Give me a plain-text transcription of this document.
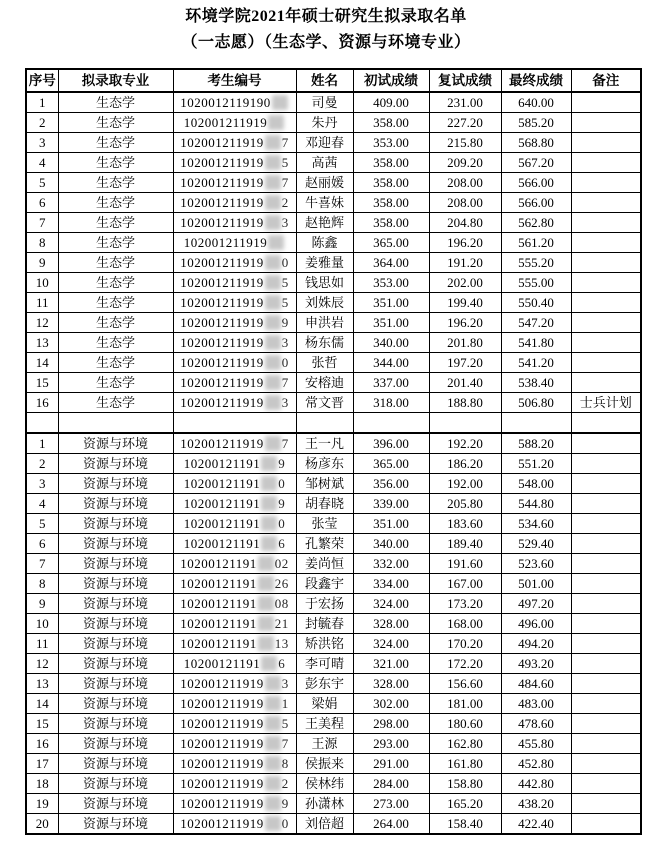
环境学院2021年硕士研究生拟录取名单
（一志愿）（生态学、资源与环境专业）
序号	拟录取专业	考生编号	姓名	初试成绩	复试成绩	最终成绩	备注
1	生态学	1020012119190	司曼	409.00	231.00	640.00	
2	生态学	102001211919	朱丹	358.00	227.20	585.20	
3	生态学	102001211919 7	邓迎春	353.00	215.80	568.80	
4	生态学	102001211919 5	高茜	358.00	209.20	567.20	
5	生态学	102001211919 7	赵丽媛	358.00	208.00	566.00	
6	生态学	102001211919 2	牛喜妹	358.00	208.00	566.00	
7	生态学	102001211919 3	赵艳辉	358.00	204.80	562.80	
8	生态学	102001211919	陈鑫	365.00	196.20	561.20	
9	生态学	102001211919 0	姜雅量	364.00	191.20	555.20	
10	生态学	102001211919 5	钱思如	353.00	202.00	555.00	
11	生态学	102001211919 5	刘姝辰	351.00	199.40	550.40	
12	生态学	102001211919 9	申洪岩	351.00	196.20	547.20	
13	生态学	102001211919 3	杨东儒	340.00	201.80	541.80	
14	生态学	102001211919 0	张哲	344.00	197.20	541.20	
15	生态学	102001211919 7	安榕迪	337.00	201.40	538.40	
16	生态学	102001211919 3	常文晋	318.00	188.80	506.80	士兵计划

1	资源与环境	102001211919 7	王一凡	396.00	192.20	588.20	
2	资源与环境	10200121191 9	杨彦东	365.00	186.20	551.20	
3	资源与环境	10200121191 0	邹树斌	356.00	192.00	548.00	
4	资源与环境	10200121191 9	胡春晓	339.00	205.80	544.80	
5	资源与环境	10200121191 0	张莹	351.00	183.60	534.60	
6	资源与环境	10200121191 6	孔繁荣	340.00	189.40	529.40	
7	资源与环境	10200121191 02	姜尚恒	332.00	191.60	523.60	
8	资源与环境	10200121191 26	段鑫宇	334.00	167.00	501.00	
9	资源与环境	10200121191 08	于宏扬	324.00	173.20	497.20	
10	资源与环境	10200121191 21	封毓春	328.00	168.00	496.00	
11	资源与环境	10200121191 13	矫洪铭	324.00	170.20	494.20	
12	资源与环境	10200121191 6	李可晴	321.00	172.20	493.20	
13	资源与环境	102001211919 3	彭东宇	328.00	156.60	484.60	
14	资源与环境	102001211919 1	梁娟	302.00	181.00	483.00	
15	资源与环境	102001211919 5	王美程	298.00	180.60	478.60	
16	资源与环境	102001211919 7	王源	293.00	162.80	455.80	
17	资源与环境	102001211919 8	侯振来	291.00	161.80	452.80	
18	资源与环境	102001211919 2	侯林纬	284.00	158.80	442.80	
19	资源与环境	102001211919 9	孙潇林	273.00	165.20	438.20	
20	资源与环境	102001211919 0	刘倍超	264.00	158.40	422.40	
